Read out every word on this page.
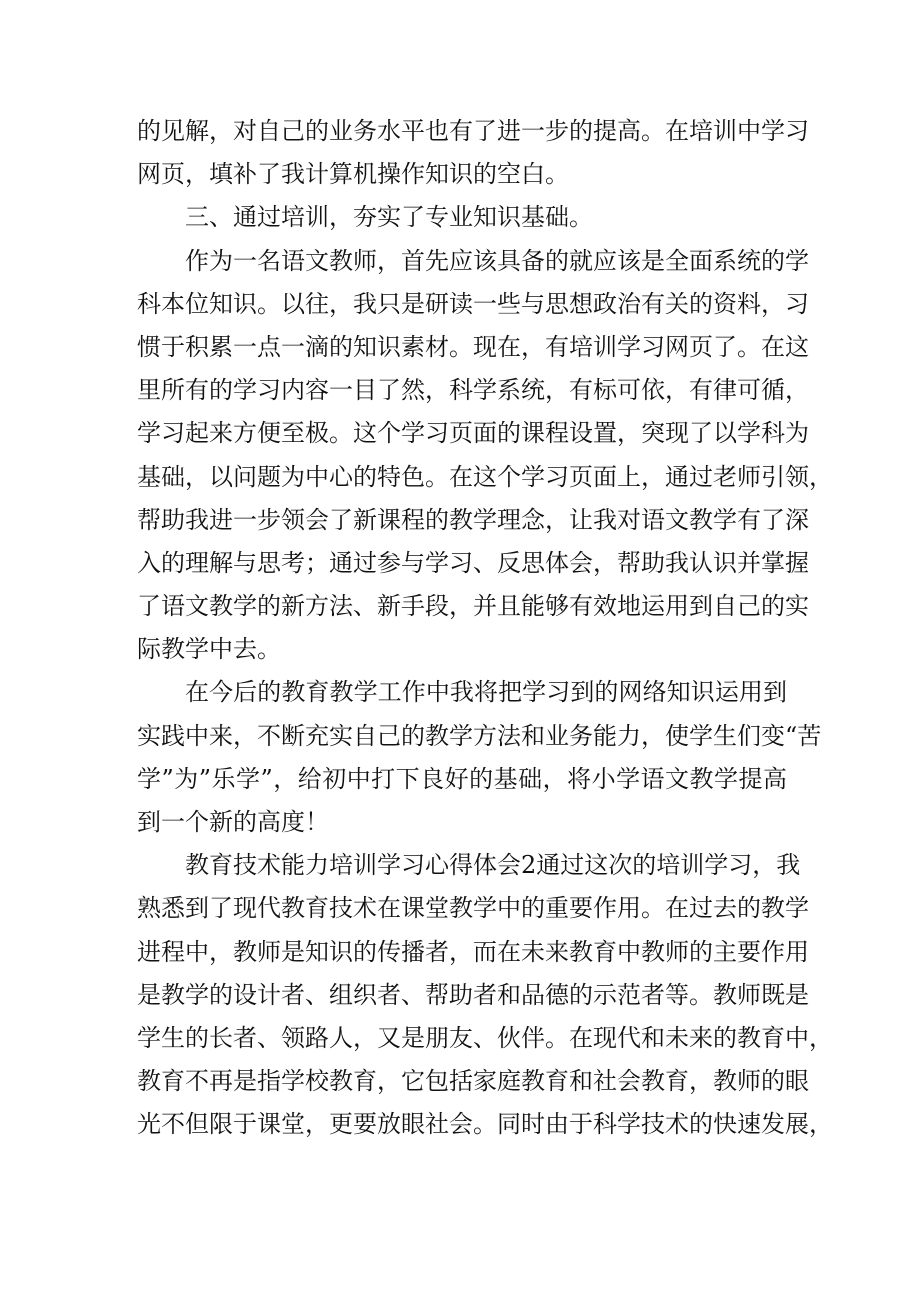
的见解，对自己的业务水平也有了进一步的提高。在培训中学习
网页，填补了我计算机操作知识的空白。
三、通过培训，夯实了专业知识基础。
作为一名语文教师，首先应该具备的就应该是全面系统的学
科本位知识。以往，我只是研读一些与思想政治有关的资料，习
惯于积累一点一滴的知识素材。现在，有培训学习网页了。在这
里所有的学习内容一目了然，科学系统，有标可依，有律可循，
学习起来方便至极。这个学习页面的课程设置，突现了以学科为
基础，以问题为中心的特色。在这个学习页面上，通过老师引领，
帮助我进一步领会了新课程的教学理念，让我对语文教学有了深
入的理解与思考；通过参与学习、反思体会，帮助我认识并掌握
了语文教学的新方法、新手段，并且能够有效地运用到自己的实
际教学中去。
在今后的教育教学工作中我将把学习到的网络知识运用到
实践中来，不断充实自己的教学方法和业务能力，使学生们变“苦
学”为”乐学”，给初中打下良好的基础，将小学语文教学提高
到一个新的高度！
教育技术能力培训学习心得体会2通过这次的培训学习，我
熟悉到了现代教育技术在课堂教学中的重要作用。在过去的教学
进程中，教师是知识的传播者，而在未来教育中教师的主要作用
是教学的设计者、组织者、帮助者和品德的示范者等。教师既是
学生的长者、领路人，又是朋友、伙伴。在现代和未来的教育中，
教育不再是指学校教育，它包括家庭教育和社会教育，教师的眼
光不但限于课堂，更要放眼社会。同时由于科学技术的快速发展，
